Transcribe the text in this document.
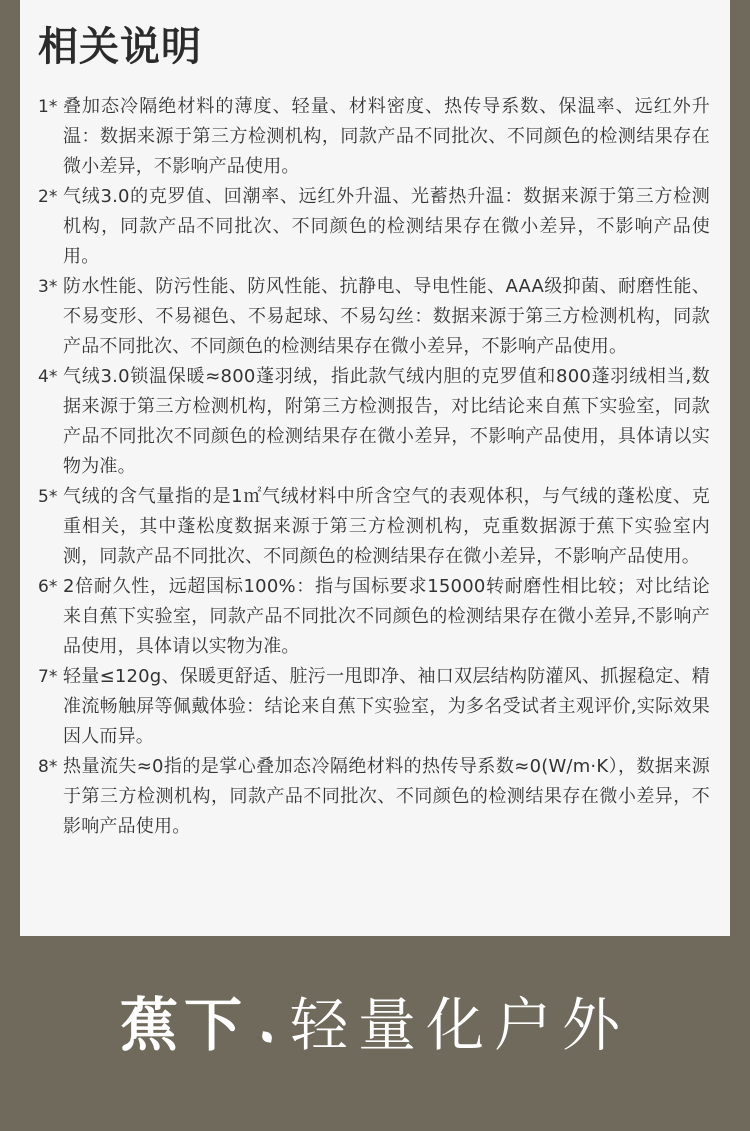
相关说明
1* 叠加态冷隔绝材料的薄度、轻量、材料密度、热传导系数、保温率、远红外升温：数据来源于第三方检测机构，同款产品不同批次、不同颜色的检测结果存在微小差异，不影响产品使用。
2* 气绒3.0的克罗值、回潮率、远红外升温、光蓄热升温：数据来源于第三方检测机构，同款产品不同批次、不同颜色的检测结果存在微小差异，不影响产品使用。
3* 防水性能、防污性能、防风性能、抗静电、导电性能、AAA级抑菌、耐磨性能、不易变形、不易褪色、不易起球、不易勾丝：数据来源于第三方检测机构，同款产品不同批次、不同颜色的检测结果存在微小差异，不影响产品使用。
4* 气绒3.0锁温保暖≈800蓬羽绒，指此款气绒内胆的克罗值和800蓬羽绒相当,数据来源于第三方检测机构，附第三方检测报告，对比结论来自蕉下实验室，同款产品不同批次不同颜色的检测结果存在微小差异，不影响产品使用，具体请以实物为准。
5* 气绒的含气量指的是1㎡气绒材料中所含空气的表观体积，与气绒的蓬松度、克重相关，其中蓬松度数据来源于第三方检测机构，克重数据源于蕉下实验室内测，同款产品不同批次、不同颜色的检测结果存在微小差异，不影响产品使用。
6* 2倍耐久性，远超国标100%：指与国标要求15000转耐磨性相比较；对比结论来自蕉下实验室，同款产品不同批次不同颜色的检测结果存在微小差异,不影响产品使用，具体请以实物为准。
7* 轻量≤120g、保暖更舒适、脏污一甩即净、袖口双层结构防灌风、抓握稳定、精准流畅触屏等佩戴体验：结论来自蕉下实验室，为多名受试者主观评价,实际效果因人而异。
8* 热量流失≈0指的是掌心叠加态冷隔绝材料的热传导系数≈0(W/m·K），数据来源于第三方检测机构，同款产品不同批次、不同颜色的检测结果存在微小差异，不影响产品使用。
蕉下 轻量化户外
